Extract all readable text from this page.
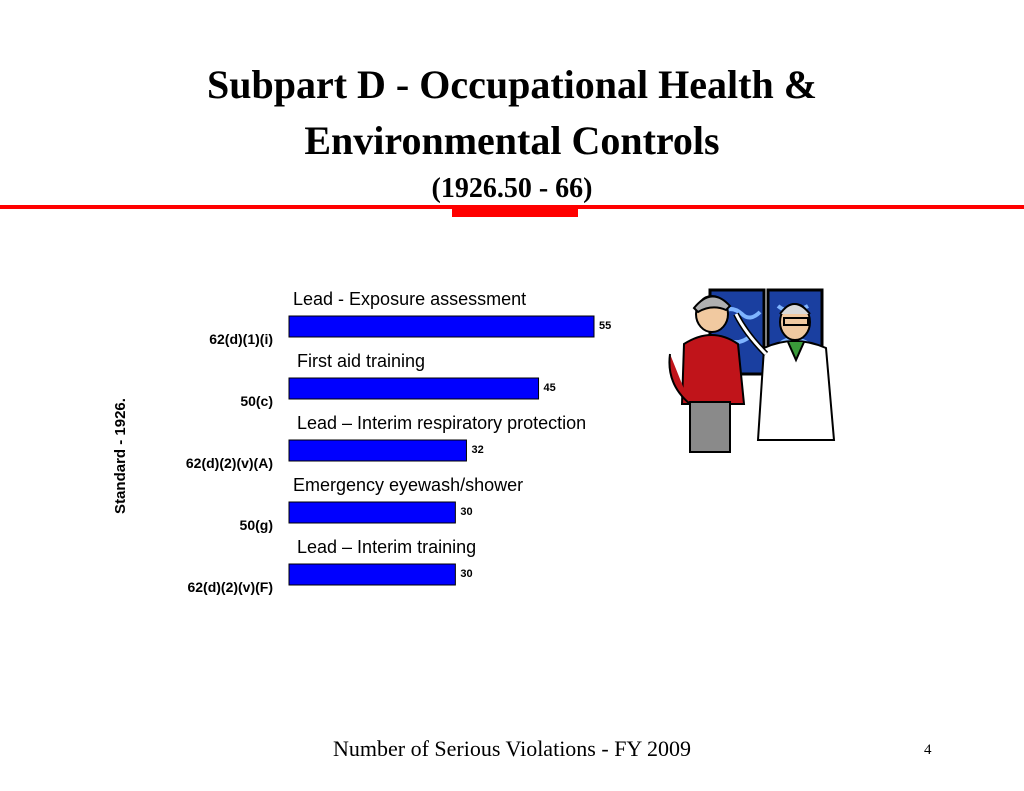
Subpart D - Occupational Health &
Environmental Controls
(1926.50 - 66)
55
62(d)(1)(i)
Lead - Exposure assessment
45
50(c)
First aid training
32
62(d)(2)(v)(A)
Lead – Interim respiratory protection
30
50(g)
Emergency eyewash/shower
30
62(d)(2)(v)(F)
Lead – Interim training
Standard - 1926.
Number of Serious Violations - FY 2009	4
